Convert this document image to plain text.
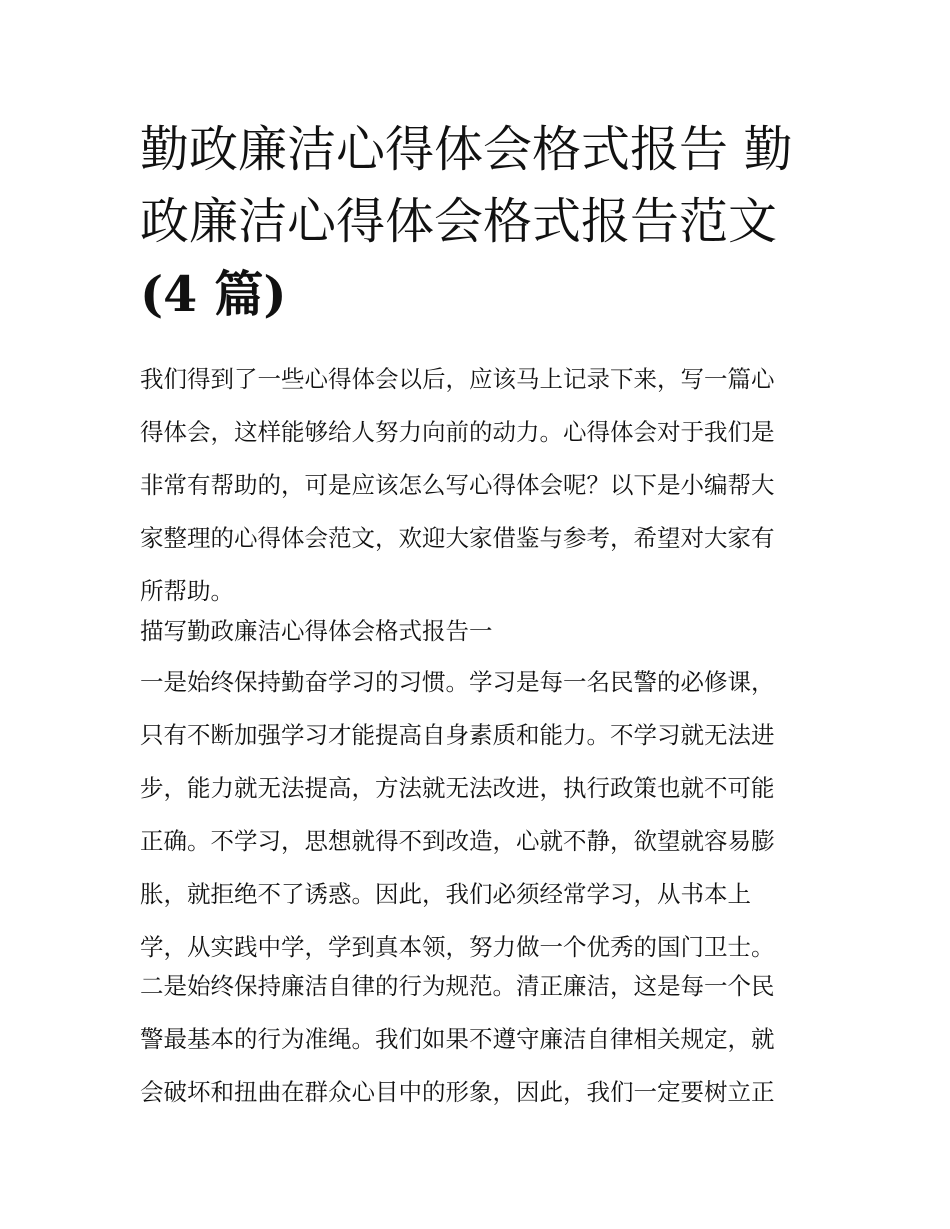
勤政廉洁心得体会格式报告 勤
政廉洁心得体会格式报告范文
(4 篇)
我们得到了一些心得体会以后，应该马上记录下来，写一篇心
得体会，这样能够给人努力向前的动力。心得体会对于我们是
非常有帮助的，可是应该怎么写心得体会呢？以下是小编帮大
家整理的心得体会范文，欢迎大家借鉴与参考，希望对大家有
所帮助。
描写勤政廉洁心得体会格式报告一
一是始终保持勤奋学习的习惯。学习是每一名民警的必修课，
只有不断加强学习才能提高自身素质和能力。不学习就无法进
步，能力就无法提高，方法就无法改进，执行政策也就不可能
正确。不学习，思想就得不到改造，心就不静，欲望就容易膨
胀，就拒绝不了诱惑。因此，我们必须经常学习，从书本上
学，从实践中学，学到真本领，努力做一个优秀的国门卫士。
二是始终保持廉洁自律的行为规范。清正廉洁，这是每一个民
警最基本的行为准绳。我们如果不遵守廉洁自律相关规定，就
会破坏和扭曲在群众心目中的形象，因此，我们一定要树立正
